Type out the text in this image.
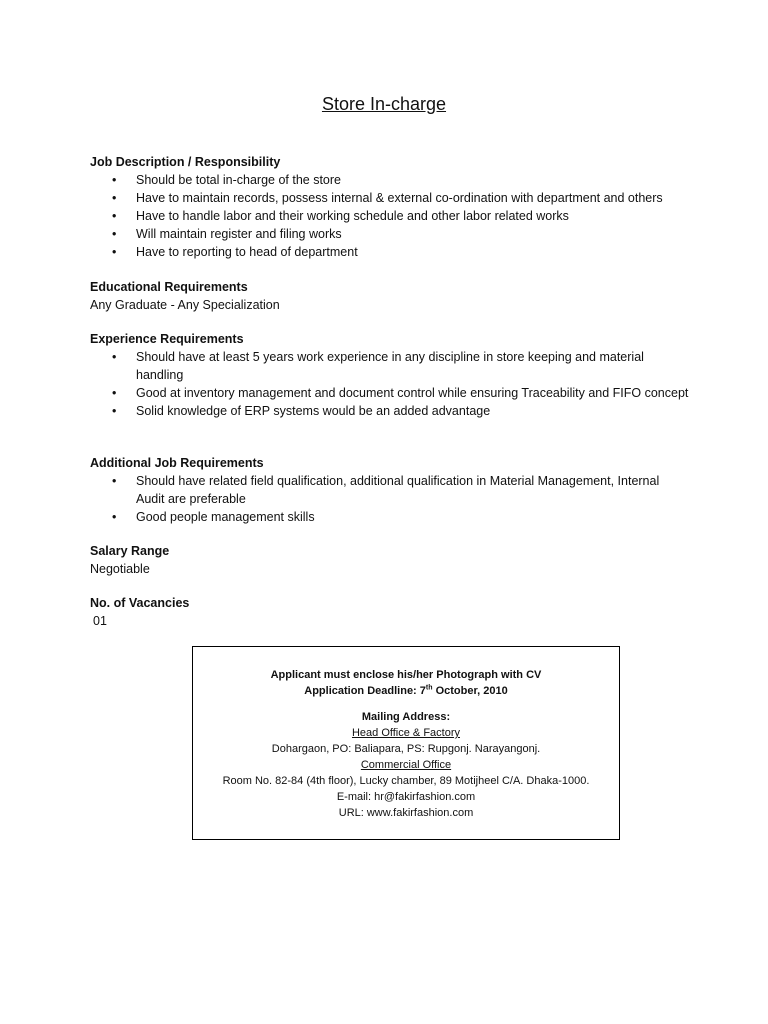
Store In-charge
Job Description / Responsibility
• Should be total in-charge of the store
• Have to maintain records, possess internal & external co-ordination with department and others
• Have to handle labor and their working schedule and other labor related works
• Will maintain register and filing works
• Have to reporting to head of department
Educational Requirements
Any Graduate - Any Specialization
Experience Requirements
• Should have at least 5 years work experience in any discipline in store keeping and material handling
• Good at inventory management and document control while ensuring Traceability and FIFO concept
• Solid knowledge of ERP systems would be an added advantage
Additional Job Requirements
• Should have related field qualification, additional qualification in Material Management, Internal Audit are preferable
• Good people management skills
Salary Range
Negotiable
No. of Vacancies
01
Applicant must enclose his/her Photograph with CV
Application Deadline: 7th October, 2010
Mailing Address:
Head Office & Factory
Dohargaon, PO: Baliapara, PS: Rupgonj. Narayangonj.
Commercial Office
Room No. 82-84 (4th floor), Lucky chamber, 89 Motijheel C/A. Dhaka-1000.
E-mail: hr@fakirfashion.com
URL: www.fakirfashion.com
